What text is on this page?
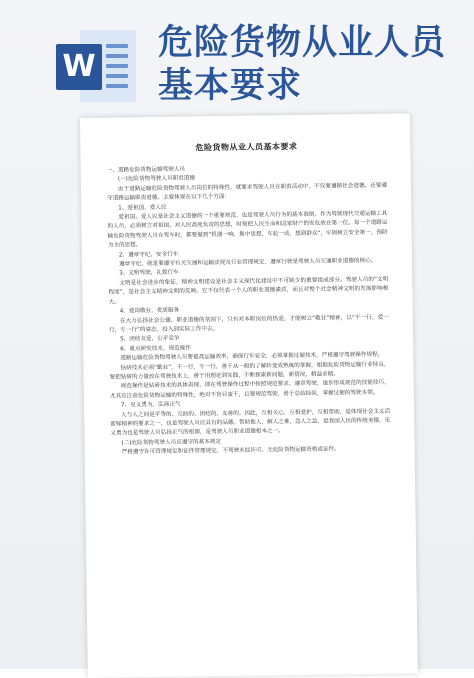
W
危险货物从业人员
基本要求
危险货物从业人员基本要求

一、道路危险货物运输驾驶人员

(一)危险货物驾驶人员职责道德

由于道路运输危险货物驾驶人员岗位的特殊性，就要求驾驶人员在职责活动中，不仅要遵循社会道德，还要遵守道路运输职责道德。主要体现在以下几个方面：

1、爱祖国，爱人民

爱祖国、爱人民是社会主义道德的一个重要规范，也是驾驶人员行为的基本准则。作为驾驶现代交通运输工具的人员，必须树立对祖国、对人民高度负责的思想，时刻把人民生命和国家财产的安危放在第一位。每一个道路运输危险货物驾驶人员在驾车时，都要做到“机器一响，集中思想，车轮一动，想到群众”，牢固树立安全第一，预防为主的思想。

2、遵章守纪，安全行车

遵章守纪，就是要遵守有关交通和运输法规及行业管理规定，遵章行驶是驾驶人员交通职业道德的核心。

3、文明驾驶，礼貌行车

文明是社会进步的象征，精神文明建设是社会主义现代化建设中不可缺少的重要组成部分。驾驶人员的“文明程度”，是社会主义精神文明的反映。它不仅代表一个人的职业道德素质，而且对整个社会精神文明的发展影响极大。

4、爱岗敬业，优质服务

在大力弘扬社会公德、职业道德的氛围下，只有对本职岗位的热爱，才能树立“敬业”精神，以“干一行，爱一行，专一行”的姿态，投入到实际工作中去。

5、团结友爱，公平竞争

6、重点研究技术，规范操作

道路运输危险货物驾驶人员要提高运输效率，确保行车安全，必须掌握过硬技术，严格遵守驾驶操作规程。

钻研技术必须“勤业”，干一行，专一行，善于从一般的了解转变成熟练的掌握，根据危险货物运输行业特点，要把钻研的力量放在驾驶技术上，善于用理论到实践，不断探索新问题，新情况，精益求精。

规范操作是钻研技术的具体表现，即在驾驶操作过程中按照规范要求，遵章驾驶，逐步形成规范的技能技巧，尤其应注意危险货物运输的特殊性，绝对不盲目蛮干，且要规范驾驶，善于总结经验，掌握过硬的驾驶本领。

7、见义勇为，弘扬正气

人与人之间是平等的、互助的、团结的、友善的。因此，互相关心，互相爱护，互相帮助，是体现社会主义活雷锋精神的要求之一，也是驾驶人员应具有的品德。帮助他人，解人之难，急人之急，是我国人民的传统美德，见义勇为也是驾驶人员弘扬正气的根源，是驾驶人员职业道德根本之一。

(二)危险货物驾驶人员应遵守的基本规定

严格遵守许可管理规定和证件管理规定，不驾驶未经许可、无危险货物运输资格或证件。
